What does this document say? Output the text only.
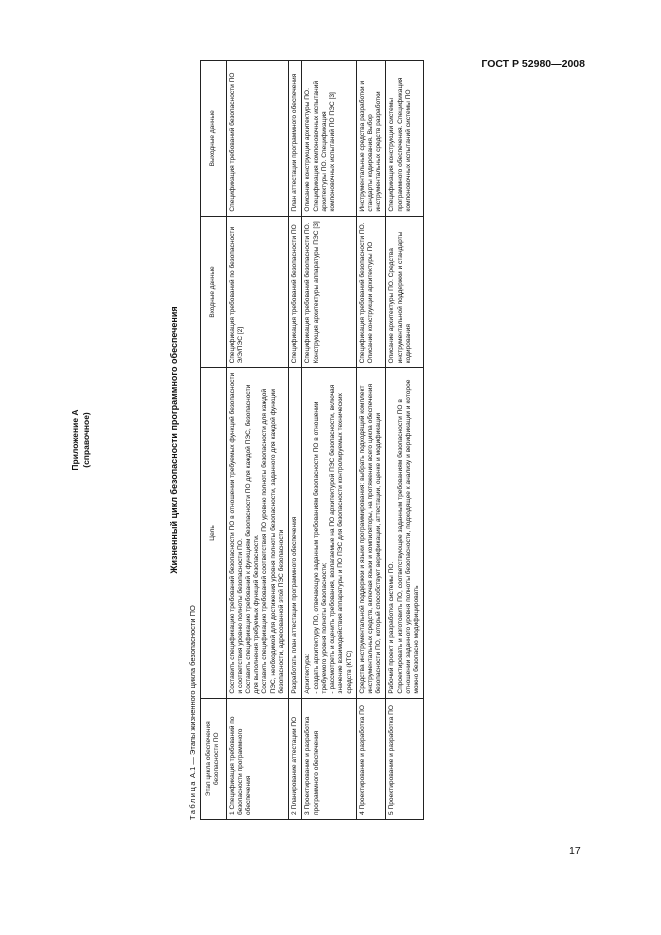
ГОСТ Р 52980—2008
Приложение А (справочное)	Жизненный цикл безопасности программного обеспечения
Таблица А.1 — Этапы жизненного цикла безопасности ПО Этап цикла обеспечения безопасности ПО	Цель	Входные данные	Выходные данные
1 Спецификация требований по безопасности программного обеспечения	Составить спецификацию требований безопасности ПО в отношении требуемых функций безопасности и соответствия уровню полноты безопасности ПО. Составить спецификацию требований к функциям безопасности ПО для каждой ПЭС, безопасности для выполнения требуемых функций безопасности. Составить спецификацию требований соответствия ПО уровню полноты безопасности для каждой ПЭС, необходимой для достижения уровня полноты безопасности, заданного для каждой функции безопасности, адресованной этой ПЭС безопасности	Спецификация требований по безопасности Э/Э/ПЭС [2]	Спецификация требований безопасности ПО
2 Планирование аттестации ПО	Разработать план аттестации программного обеспечения	Спецификация требований безопасности ПО	План аттестации программного обеспечения
3 Проектирование и разработка программного обеспечения	Архитектура: - создать архитектуру ПО, отвечающую заданным требованиям безопасности ПО в отношении требуемого уровня полноты безопасности; - рассмотреть и оценить требования, возлагаемые на ПО архитектурой ПЭС безопасности, включая значение взаимодействия аппаратуры и ПО ПЭС для безопасности контролируемых технических средств (КТС)	Спецификация требований безопасности ПО. Конструкция архитектуры аппаратуры ПЭС [3]	Описание конструкции архитектуры ПО. Спецификация компоновочных испытаний архитектуры ПО. Спецификация компоновочных испытаний ПО ПЭС [3]
4 Проектирование и разработка ПО	Средства инструментальной поддержки и языки программирования: выбрать подходящий комплект инструментальных средств, включая языки и компиляторы, на протяжении всего цикла обеспечения безопасности ПО, который способствует верификации, аттестации, оценке и модификации	Спецификация требований безопасности ПО. Описание конструкции архитектуры ПО	Инструментальные средства разработки и стандарты кодирования. Выбор инструментальных средств разработки
5 Проектирование и разработка ПО	Рабочий проект и разработка системы ПО. Спроектировать и изготовить ПО, соответствующее заданным требованиям безопасности ПО в отношении заданного уровня полноты безопасности, подходящее к анализу и верификации и которое можно безопасно модифицировать	Описание архитектуры ПО. Средства инструментальной поддержки и стандарты кодирования	Спецификация конструкции системы программного обеспечения. Спецификация компоновочных испытаний системы ПО
17
